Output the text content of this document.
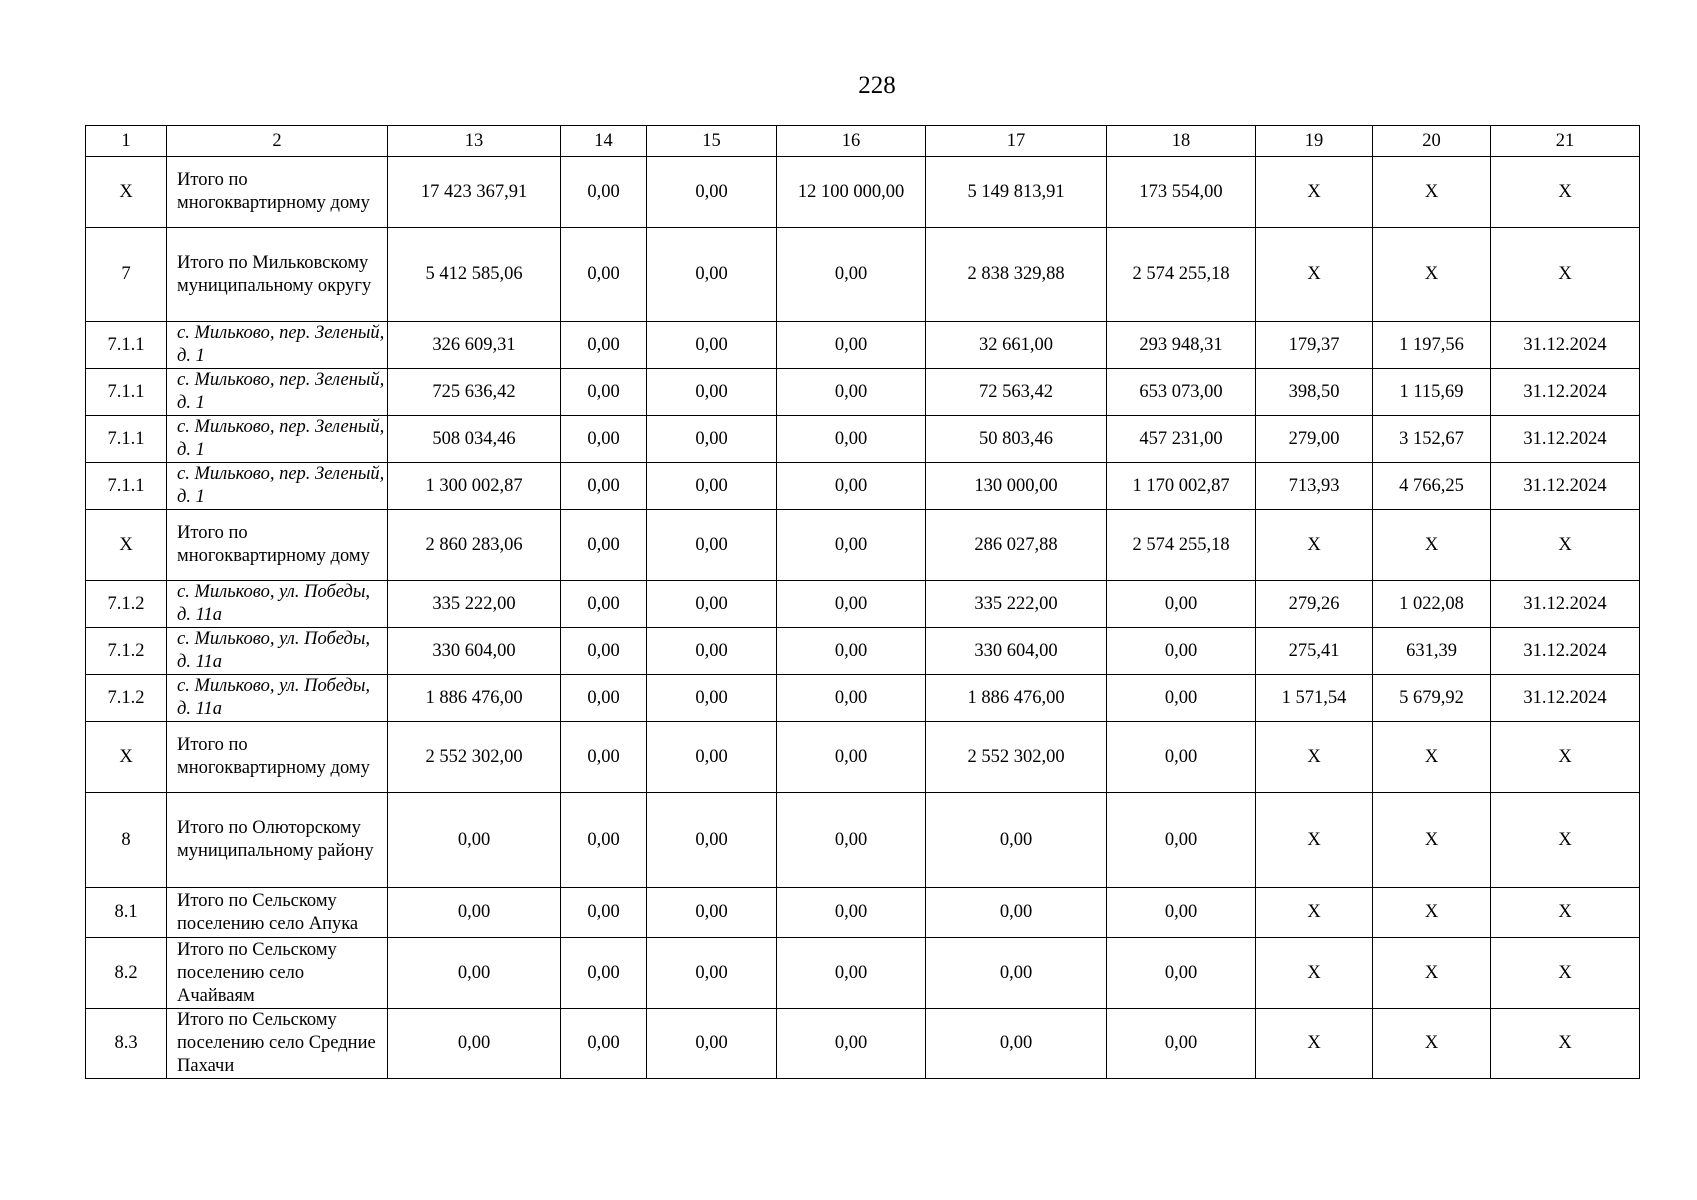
228
1	2	13	14	15	16	17	18	19	20	21
X	Итого по многоквартирному дому	17 423 367,91	0,00	0,00	12 100 000,00	5 149 813,91	173 554,00	X	X	X
7	Итого по Мильковскому муниципальному округу	5 412 585,06	0,00	0,00	0,00	2 838 329,88	2 574 255,18	X	X	X
7.1.1	с. Мильково, пер. Зеленый, д. 1	326 609,31	0,00	0,00	0,00	32 661,00	293 948,31	179,37	1 197,56	31.12.2024
7.1.1	с. Мильково, пер. Зеленый, д. 1	725 636,42	0,00	0,00	0,00	72 563,42	653 073,00	398,50	1 115,69	31.12.2024
7.1.1	с. Мильково, пер. Зеленый, д. 1	508 034,46	0,00	0,00	0,00	50 803,46	457 231,00	279,00	3 152,67	31.12.2024
7.1.1	с. Мильково, пер. Зеленый, д. 1	1 300 002,87	0,00	0,00	0,00	130 000,00	1 170 002,87	713,93	4 766,25	31.12.2024
X	Итого по многоквартирному дому	2 860 283,06	0,00	0,00	0,00	286 027,88	2 574 255,18	X	X	X
7.1.2	с. Мильково, ул. Победы, д. 11а	335 222,00	0,00	0,00	0,00	335 222,00	0,00	279,26	1 022,08	31.12.2024
7.1.2	с. Мильково, ул. Победы, д. 11а	330 604,00	0,00	0,00	0,00	330 604,00	0,00	275,41	631,39	31.12.2024
7.1.2	с. Мильково, ул. Победы, д. 11а	1 886 476,00	0,00	0,00	0,00	1 886 476,00	0,00	1 571,54	5 679,92	31.12.2024
X	Итого по многоквартирному дому	2 552 302,00	0,00	0,00	0,00	2 552 302,00	0,00	X	X	X
8	Итого по Олюторскому муниципальному району	0,00	0,00	0,00	0,00	0,00	0,00	X	X	X
8.1	Итого по Сельскому поселению село Апука	0,00	0,00	0,00	0,00	0,00	0,00	X	X	X
8.2	Итого по Сельскому поселению село Ачайваям	0,00	0,00	0,00	0,00	0,00	0,00	X	X	X
8.3	Итого по Сельскому поселению село Средние Пахачи	0,00	0,00	0,00	0,00	0,00	0,00	X	X	X
